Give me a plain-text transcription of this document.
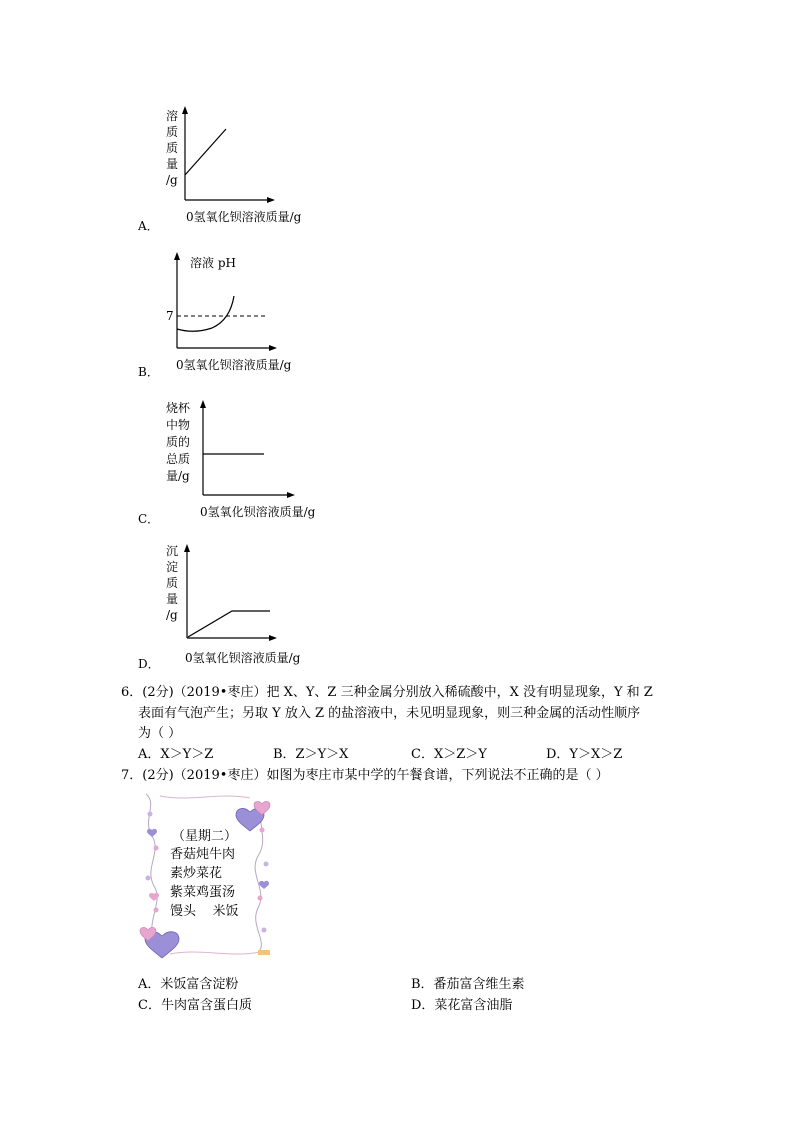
溶
质
质
量
/g
0氢氧化钡溶液质量/g
A．
溶液 pH
7
0氢氧化钡溶液质量/g
B．
烧杯
中物
质的
总质
量/g
0氢氧化钡溶液质量/g
C．
沉
淀
质
量
/g
0氢氧化钡溶液质量/g
D．
6．(2分)（2019•枣庄）把 X、Y、Z 三种金属分别放入稀硫酸中，X 没有明显现象，Y 和 Z
表面有气泡产生；另取 Y 放入 Z 的盐溶液中，未见明显现象，则三种金属的活动性顺序
为（ ）
A．X＞Y＞Z	B．Z＞Y＞X	C．X＞Z＞Y	D．Y＞X＞Z
7．(2分)（2019•枣庄）如图为枣庄市某中学的午餐食谱，下列说法不正确的是（ ）
（星期二）
香菇炖牛肉
素炒菜花
紫菜鸡蛋汤
馒头    米饭
A．米饭富含淀粉	B．番茄富含维生素
C．牛肉富含蛋白质	D．菜花富含油脂
